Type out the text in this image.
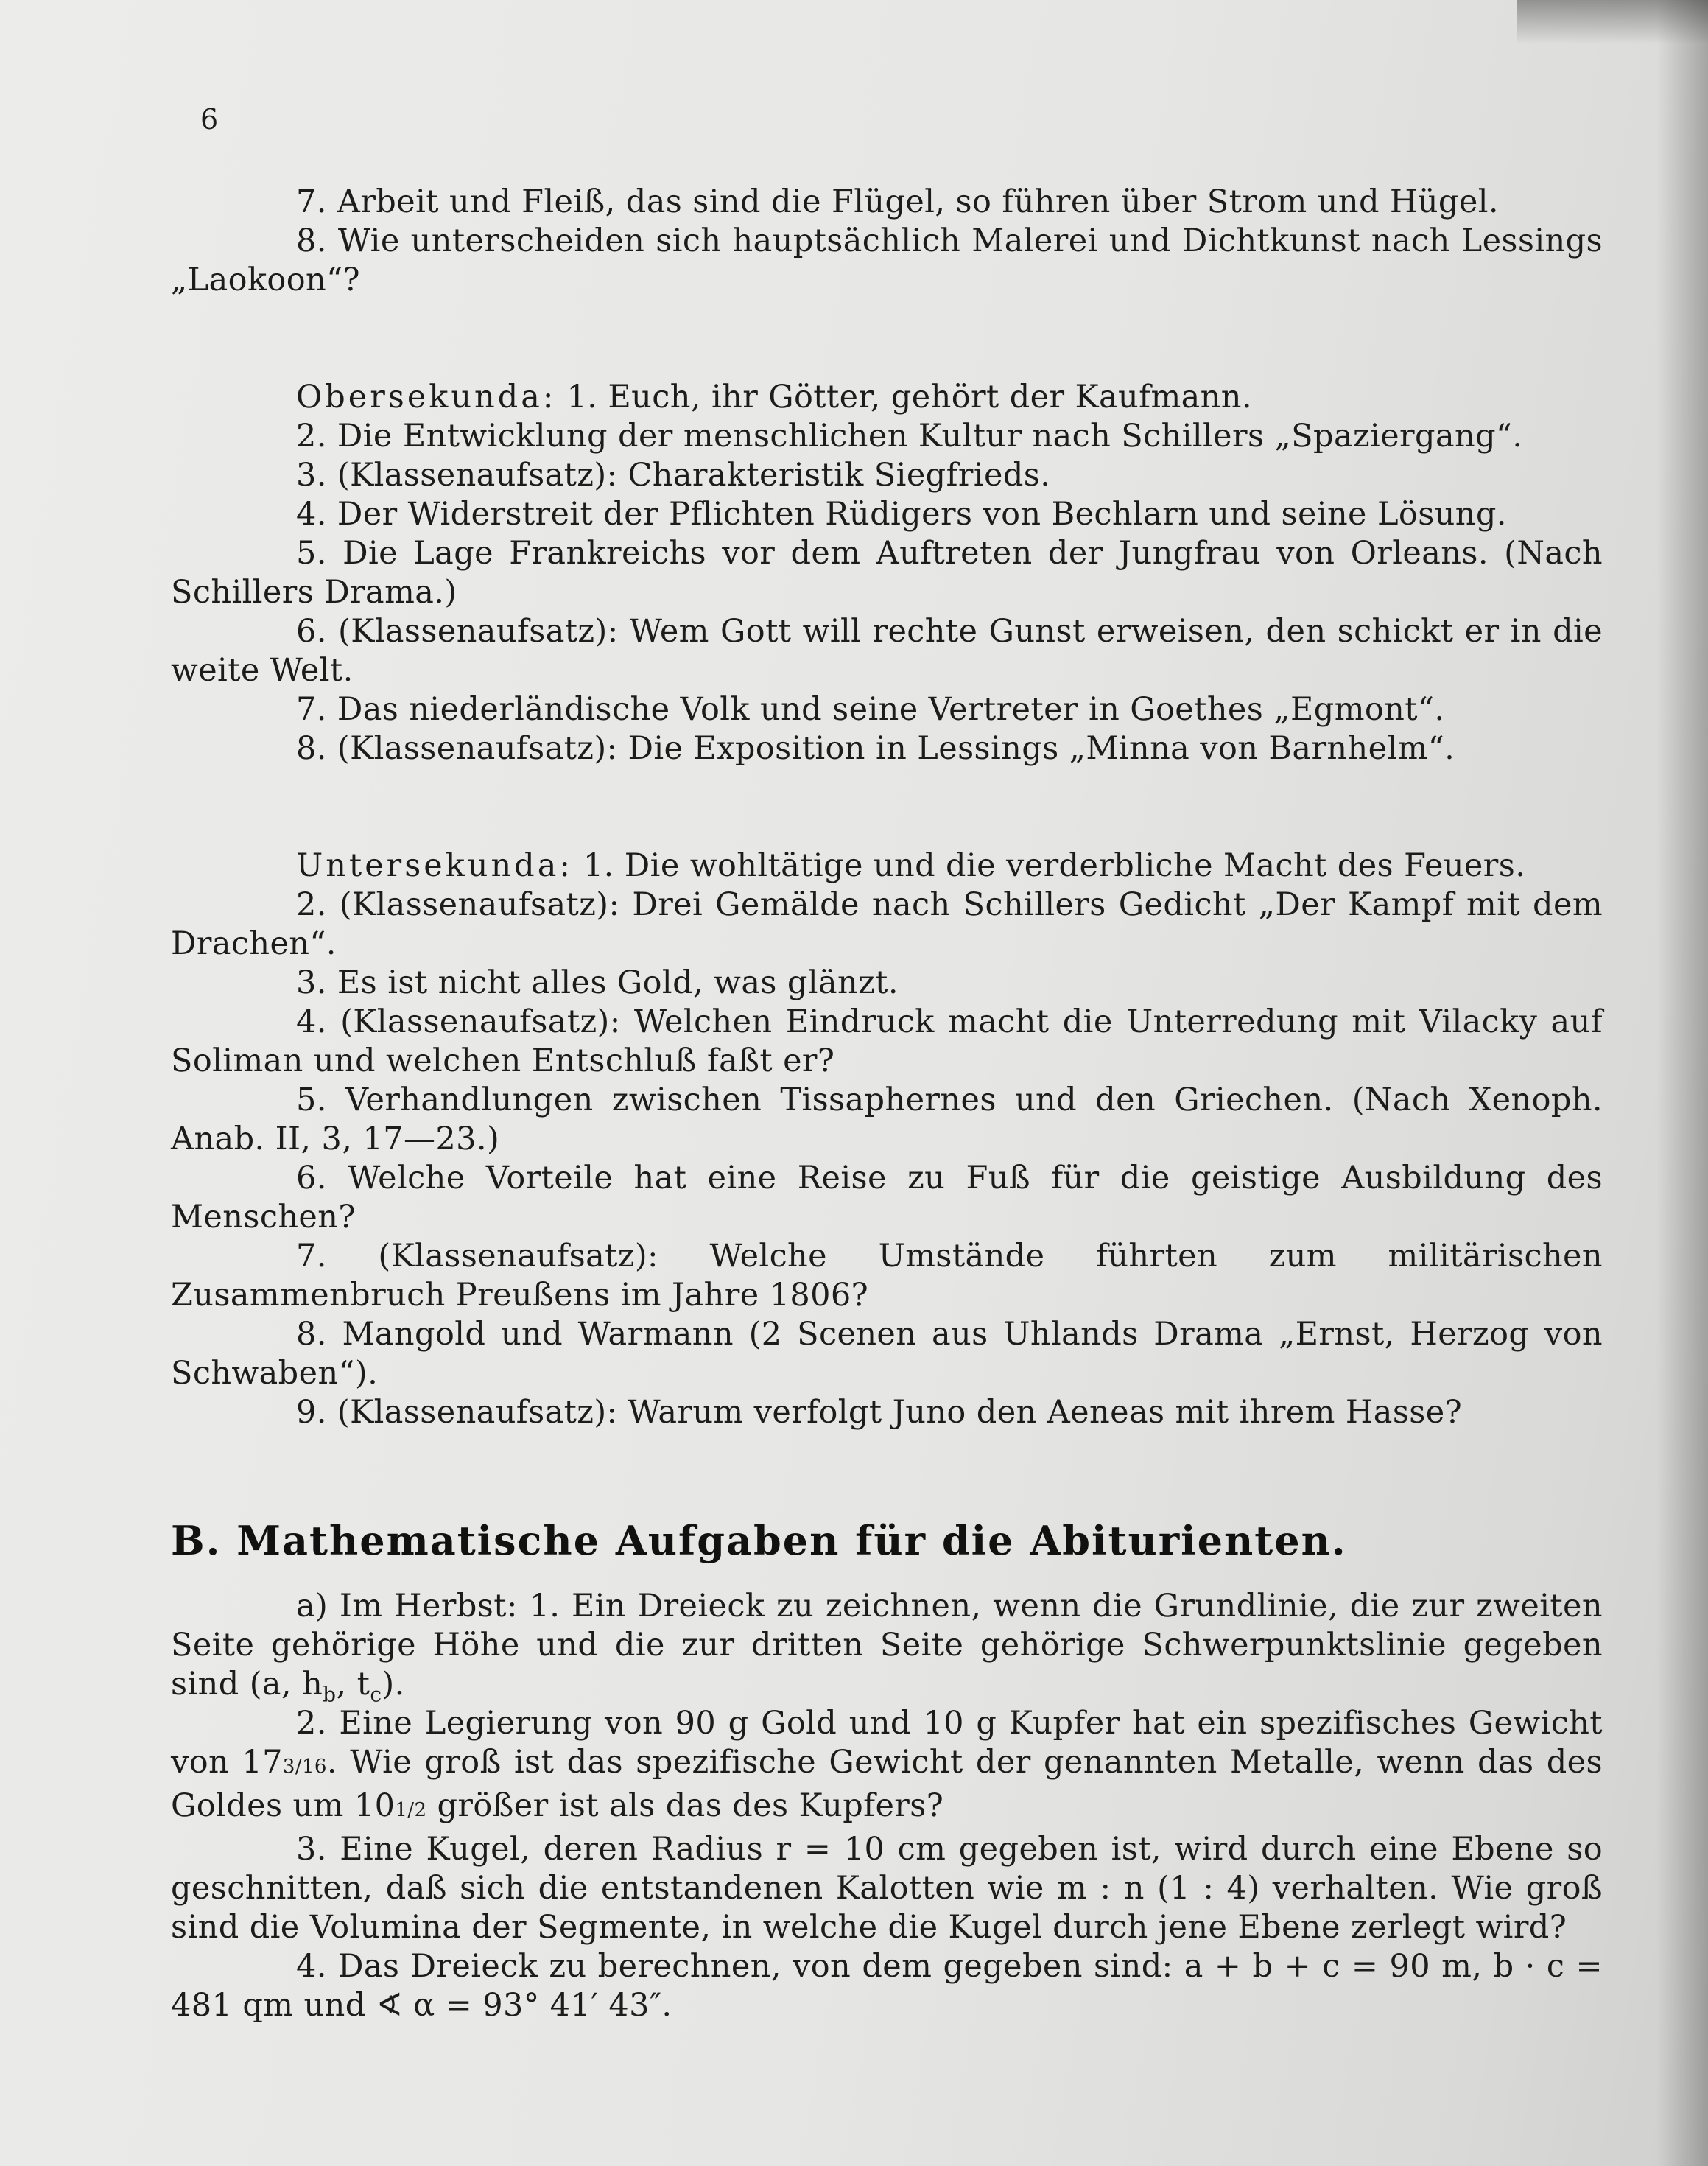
6

7. Arbeit und Fleiß, das sind die Flügel, so führen über Strom und Hügel.

8. Wie unterscheiden sich hauptsächlich Malerei und Dichtkunst nach Lessings „Laokoon“?

Obersekunda: 1. Euch, ihr Götter, gehört der Kaufmann.

2. Die Entwicklung der menschlichen Kultur nach Schillers „Spaziergang“.

3. (Klassenaufsatz): Charakteristik Siegfrieds.

4. Der Widerstreit der Pflichten Rüdigers von Bechlarn und seine Lösung.

5. Die Lage Frankreichs vor dem Auftreten der Jungfrau von Orleans. (Nach Schillers Drama.)

6. (Klassenaufsatz): Wem Gott will rechte Gunst erweisen, den schickt er in die weite Welt.

7. Das niederländische Volk und seine Vertreter in Goethes „Egmont“.

8. (Klassenaufsatz): Die Exposition in Lessings „Minna von Barnhelm“.

Untersekunda: 1. Die wohltätige und die verderbliche Macht des Feuers.

2. (Klassenaufsatz): Drei Gemälde nach Schillers Gedicht „Der Kampf mit dem Drachen“.

3. Es ist nicht alles Gold, was glänzt.

4. (Klassenaufsatz): Welchen Eindruck macht die Unterredung mit Vilacky auf Soliman und welchen Entschluß faßt er?

5. Verhandlungen zwischen Tissaphernes und den Griechen. (Nach Xenoph. Anab. II, 3, 17—23.)

6. Welche Vorteile hat eine Reise zu Fuß für die geistige Ausbildung des Menschen?

7. (Klassenaufsatz): Welche Umstände führten zum militärischen Zusammenbruch Preußens im Jahre 1806?

8. Mangold und Warmann (2 Scenen aus Uhlands Drama „Ernst, Herzog von Schwaben“).

9. (Klassenaufsatz): Warum verfolgt Juno den Aeneas mit ihrem Hasse?

B. Mathematische Aufgaben für die Abiturienten.

a) Im Herbst: 1. Ein Dreieck zu zeichnen, wenn die Grundlinie, die zur zweiten Seite gehörige Höhe und die zur dritten Seite gehörige Schwerpunktslinie gegeben sind (a, $h_b$, $t_c$).

2. Eine Legierung von 90 g Gold und 10 g Kupfer hat ein spezifisches Gewicht von 173/16. Wie groß ist das spezifische Gewicht der genannten Metalle, wenn das des Goldes um 101/2 größer ist als das des Kupfers?

3. Eine Kugel, deren Radius r = 10 cm gegeben ist, wird durch eine Ebene so geschnitten, daß sich die entstandenen Kalotten wie m : n (1 : 4) verhalten. Wie groß sind die Volumina der Segmente, in welche die Kugel durch jene Ebene zerlegt wird?

4. Das Dreieck zu berechnen, von dem gegeben sind: a + b + c = 90 m, b · c = 481 qm und ∢ α = 93° 41′ 43″.
